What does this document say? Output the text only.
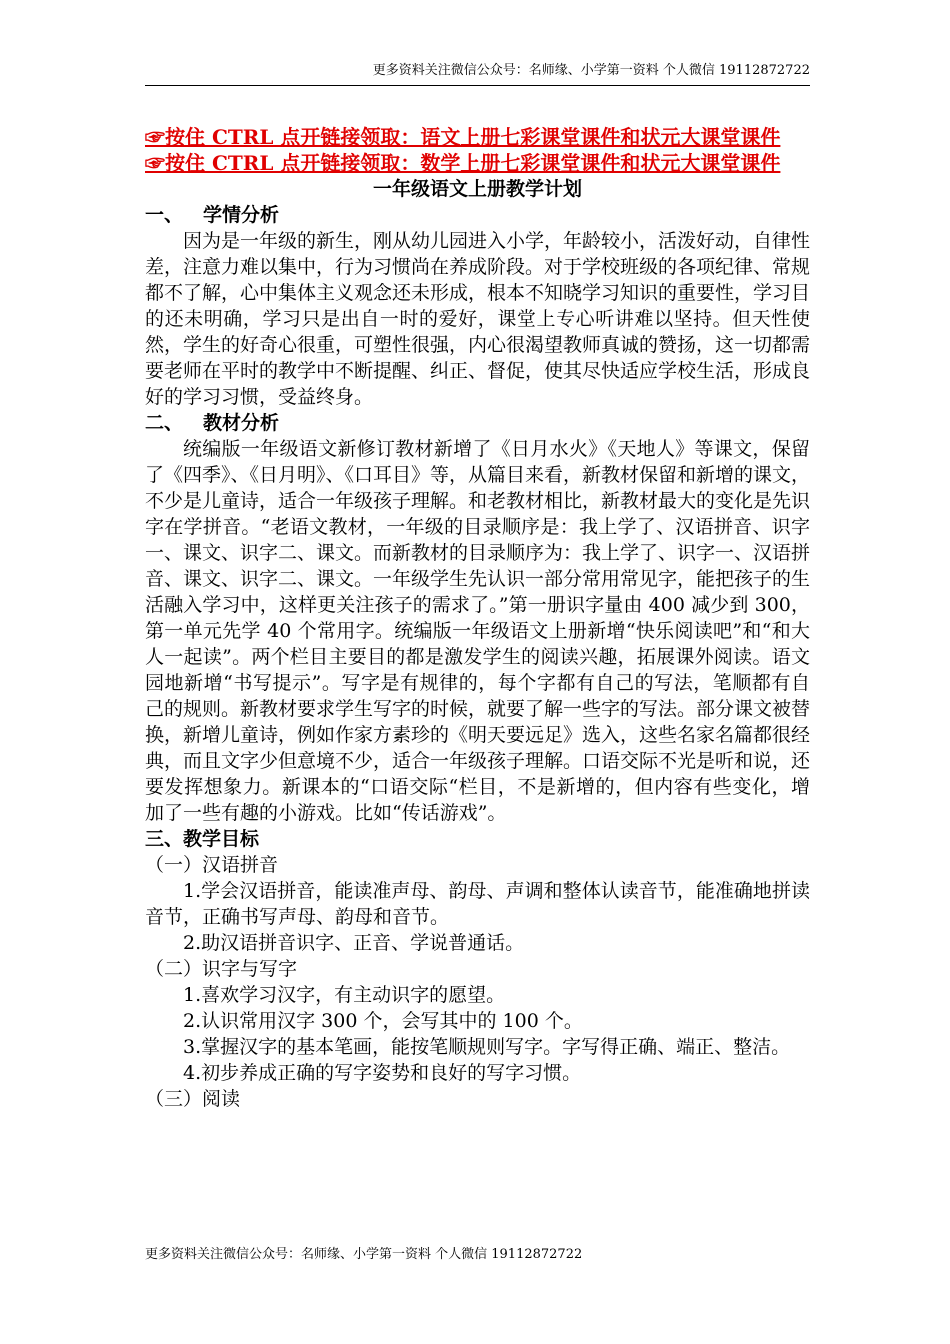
更多资料关注微信公众号：名师缘、小学第一资料 个人微信 19112872722
☞按住 CTRL 点开链接领取：语文上册七彩课堂课件和状元大课堂课件
☞按住 CTRL 点开链接领取：数学上册七彩课堂课件和状元大课堂课件
一年级语文上册教学计划
一、 学情分析

因为是一年级的新生，刚从幼儿园进入小学，年龄较小，活泼好动，自律性差，注意力难以集中，行为习惯尚在养成阶段。对于学校班级的各项纪律、常规都不了解，心中集体主义观念还未形成，根本不知晓学习知识的重要性，学习目的还未明确，学习只是出自一时的爱好，课堂上专心听讲难以坚持。但天性使然，学生的好奇心很重，可塑性很强，内心很渴望教师真诚的赞扬，这一切都需要老师在平时的教学中不断提醒、纠正、督促，使其尽快适应学校生活，形成良好的学习习惯，受益终身。

二、 教材分析

统编版一年级语文新修订教材新增了《日月水火》《天地人》等课文，保留了《四季》、《日月明》、《口耳目》等，从篇目来看，新教材保留和新增的课文，不少是儿童诗，适合一年级孩子理解。和老教材相比，新教材最大的变化是先识字在学拼音。“老语文教材，一年级的目录顺序是：我上学了、汉语拼音、识字一、课文、识字二、课文。而新教材的目录顺序为：我上学了、识字一、汉语拼音、课文、识字二、课文。一年级学生先认识一部分常用常见字，能把孩子的生活融入学习中，这样更关注孩子的需求了。”第一册识字量由 400 减少到 300，第一单元先学 40 个常用字。统编版一年级语文上册新增“快乐阅读吧”和“和大人一起读”。两个栏目主要目的都是激发学生的阅读兴趣，拓展课外阅读。语文园地新增“书写提示”。写字是有规律的，每个字都有自己的写法，笔顺都有自己的规则。新教材要求学生写字的时候，就要了解一些字的写法。部分课文被替换，新增儿童诗，例如作家方素珍的《明天要远足》选入，这些名家名篇都很经典，而且文字少但意境不少，适合一年级孩子理解。口语交际不光是听和说，还要发挥想象力。新课本的“口语交际“栏目，不是新增的，但内容有些变化，增加了一些有趣的小游戏。比如“传话游戏”。

三、教学目标
（一）汉语拼音

1.学会汉语拼音，能读准声母、韵母、声调和整体认读音节，能准确地拼读音节，正确书写声母、韵母和音节。

2.助汉语拼音识字、正音、学说普通话。

（二）识字与写字

1.喜欢学习汉字，有主动识字的愿望。

2.认识常用汉字 300 个，会写其中的 100 个。

3.掌握汉字的基本笔画，能按笔顺规则写字。字写得正确、端正、整洁。

4.初步养成正确的写字姿势和良好的写字习惯。

（三）阅读
更多资料关注微信公众号：名师缘、小学第一资料 个人微信 19112872722
